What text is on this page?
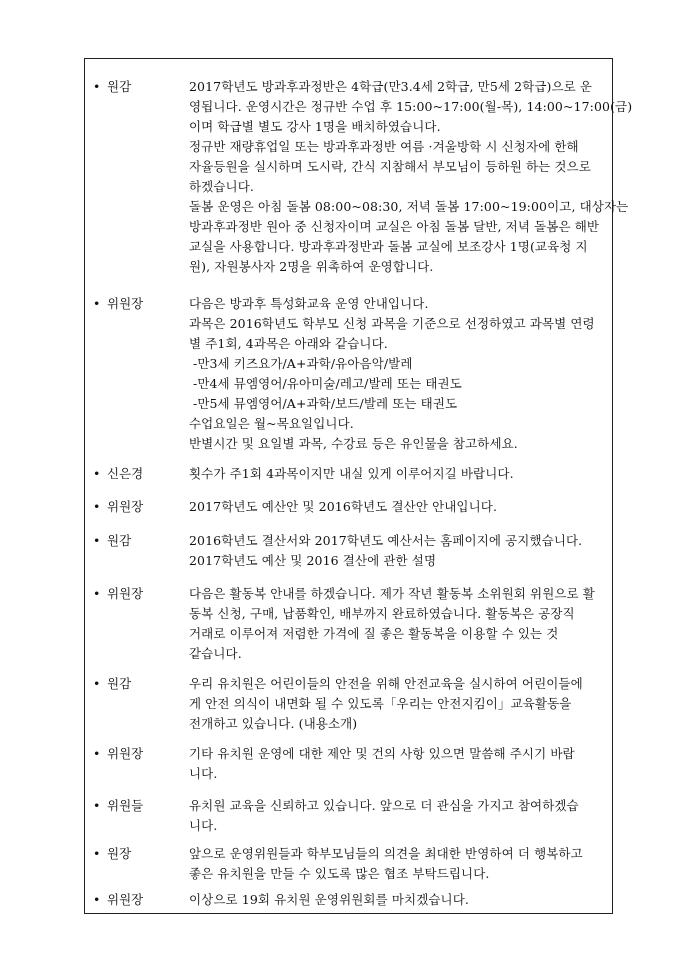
• 원감	2017학년도 방과후과정반은 4학급(만3.4세 2학급, 만5세 2학급)으로 운
영됩니다. 운영시간은 정규반 수업 후 15:00~17:00(월-목), 14:00~17:00(금)
이며 학급별 별도 강사 1명을 배치하였습니다.
정규반 재량휴업일 또는 방과후과정반 여름 ·겨울방학 시 신청자에 한해
자율등원을 실시하며 도시락, 간식 지참해서 부모님이 등하원 하는 것으로
하겠습니다.
돌봄 운영은 아침 돌봄 08:00~08:30, 저녁 돌봄 17:00~19:00이고, 대상자는
방과후과정반 원아 중 신청자이며 교실은 아침 돌봄 달반, 저녁 돌봄은 해반
교실을 사용합니다. 방과후과정반과 돌봄 교실에 보조강사 1명(교육청 지
원), 자원봉사자 2명을 위촉하여 운영합니다.
• 위원장	다음은 방과후 특성화교육 운영 안내입니다.
과목은 2016학년도 학부모 신청 과목을 기준으로 선정하였고 과목별 연령
별 주1회, 4과목은 아래와 같습니다.
-만3세 키즈요가/A+과학/유아음악/발레
-만4세 뮤엠영어/유아미술/레고/발레 또는 태권도
-만5세 뮤엠영어/A+과학/보드/발레 또는 태권도
수업요일은 월~목요일입니다.
반별시간 및 요일별 과목, 수강료 등은 유인물을 참고하세요.
• 신은경	횟수가 주1회 4과목이지만 내실 있게 이루어지길 바랍니다.
• 위원장	2017학년도 예산안 및 2016학년도 결산안 안내입니다.
• 원감	2016학년도 결산서와 2017학년도 예산서는 홈페이지에 공지했습니다.
2017학년도 예산 및 2016 결산에 관한 설명
• 위원장	다음은 활동복 안내를 하겠습니다. 제가 작년 활동복 소위원회 위원으로 활
동복 신청, 구매, 납품확인, 배부까지 완료하였습니다. 활동복은 공장직
거래로 이루어져 저렴한 가격에 질 좋은 활동복을 이용할 수 있는 것
같습니다.
• 원감	우리 유치원은 어린이들의 안전을 위해 안전교육을 실시하여 어린이들에
게 안전 의식이 내면화 될 수 있도록「우리는 안전지킴이」교육활동을
전개하고 있습니다. (내용소개)
• 위원장	기타 유치원 운영에 대한 제안 및 건의 사항 있으면 말씀해 주시기 바랍
니다.
• 위원들	유치원 교육을 신뢰하고 있습니다. 앞으로 더 관심을 가지고 참여하겠습
니다.
• 원장	앞으로 운영위원들과 학부모님들의 의견을 최대한 반영하여 더 행복하고
좋은 유치원을 만들 수 있도록 많은 협조 부탁드립니다.
• 위원장	이상으로 19회 유치원 운영위원회를 마치겠습니다.
